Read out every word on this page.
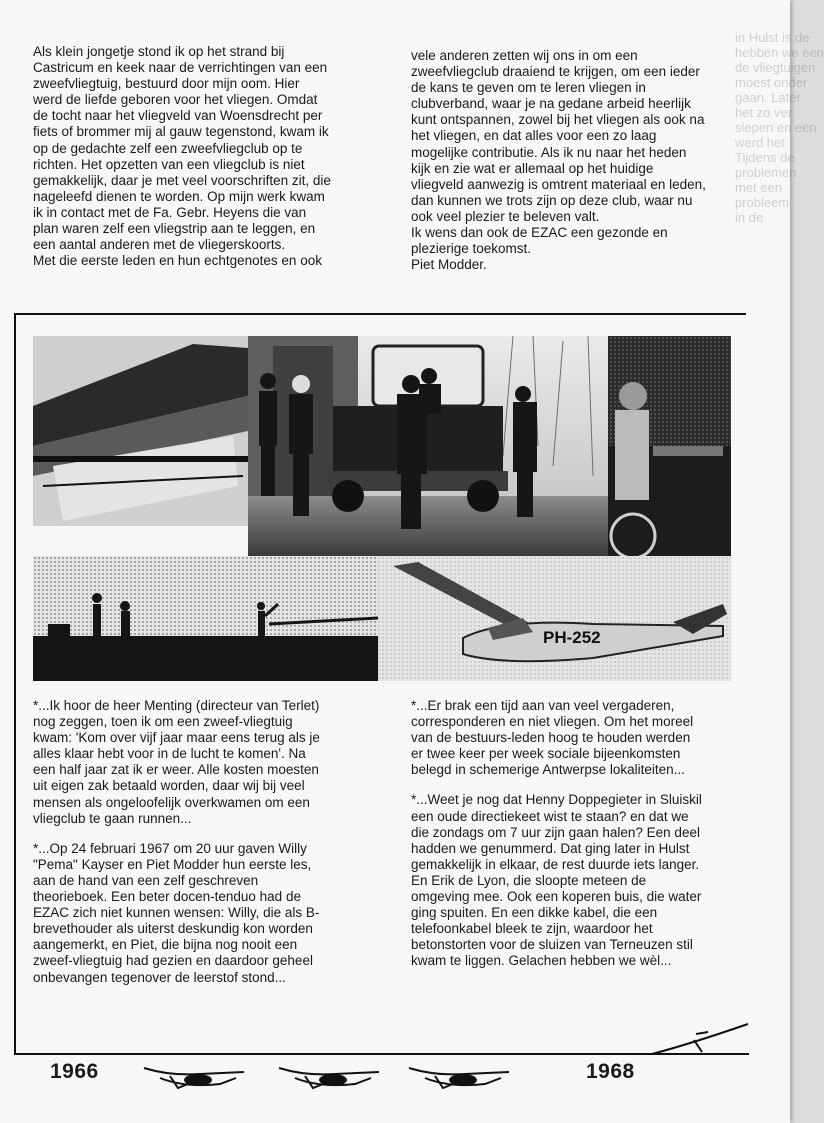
in Hulst is de
hebben we een
de vliegtuigen
moest onder
gaan. Later
het zo ver
slepen en een
werd het
Tijdens de
problemen
met een
probleem
in de

Als klein jongetje stond ik op het strand bij

Castricum en keek naar de verrichtingen van een

zweefvliegtuig, bestuurd door mijn oom. Hier

werd de liefde geboren voor het vliegen. Omdat

de tocht naar het vliegveld van Woensdrecht per

fiets of brommer mij al gauw tegenstond, kwam ik

op de gedachte zelf een zweefvliegclub op te

richten. Het opzetten van een vliegclub is niet

gemakkelijk, daar je met veel voorschriften zit, die

nageleefd dienen te worden. Op mijn werk kwam

ik in contact met de Fa. Gebr. Heyens die van

plan waren zelf een vliegstrip aan te leggen, en

een aantal anderen met de vliegerskoorts.

Met die eerste leden en hun echtgenotes en ook

vele anderen zetten wij ons in om een

zweefvliegclub draaiend te krijgen, om een ieder

de kans te geven om te leren vliegen in

clubverband, waar je na gedane arbeid heerlijk

kunt ontspannen, zowel bij het vliegen als ook na

het vliegen, en dat alles voor een zo laag

mogelijke contributie. Als ik nu naar het heden

kijk en zie wat er allemaal op het huidige

vliegveld aanwezig is omtrent materiaal en leden,

dan kunnen we trots zijn op deze club, waar nu

ook veel plezier te beleven valt.

Ik wens dan ook de EZAC een gezonde en

plezierige toekomst.

Piet Modder.

PH-252

*...Ik hoor de heer Menting (directeur van Terlet)

nog zeggen, toen ik om een zweef-vliegtuig

kwam: 'Kom over vijf jaar maar eens terug als je

alles klaar hebt voor in de lucht te komen'. Na

een half jaar zat ik er weer. Alle kosten moesten

uit eigen zak betaald worden, daar wij bij veel

mensen als ongeloofelijk overkwamen om een

vliegclub te gaan runnen...

*...Op 24 februari 1967 om 20 uur gaven Willy

"Pema" Kayser en Piet Modder hun eerste les,

aan de hand van een zelf geschreven

theorieboek. Een beter docen-tenduo had de

EZAC zich niet kunnen wensen: Willy, die als B-

brevethouder als uiterst deskundig kon worden

aangemerkt, en Piet, die bijna nog nooit een

zweef-vliegtuig had gezien en daardoor geheel

onbevangen tegenover de leerstof stond...

*...Er brak een tijd aan van veel vergaderen,

corresponderen en niet vliegen. Om het moreel

van de bestuurs-leden hoog te houden werden

er twee keer per week sociale bijeenkomsten

belegd in schemerige Antwerpse lokaliteiten...

*...Weet je nog dat Henny Doppegieter in Sluiskil

een oude directiekeet wist te staan? en dat we

die zondags om 7 uur zijn gaan halen? Een deel

hadden we genummerd. Dat ging later in Hulst

gemakkelijk in elkaar, de rest duurde iets langer.

En Erik de Lyon, die sloopte meteen de

omgeving mee. Ook een koperen buis, die water

ging spuiten. En een dikke kabel, die een

telefoonkabel bleek te zijn, waardoor het

betonstorten voor de sluizen van Terneuzen stil

kwam te liggen. Gelachen hebben we wèl...

1966	1968
